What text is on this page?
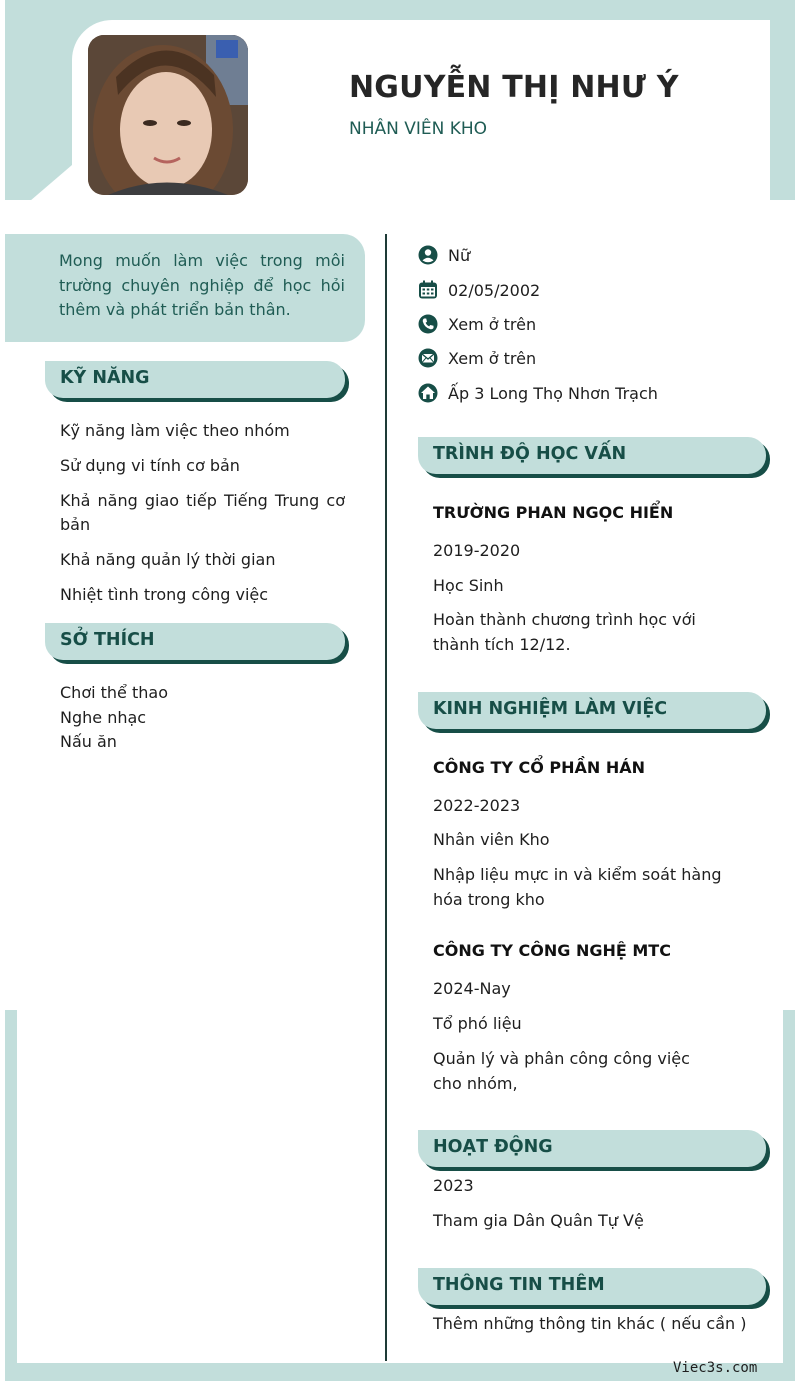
NGUYỄN THỊ NHƯ Ý
NHÂN VIÊN KHO
Mong muốn làm việc trong môi trường chuyên nghiệp để học hỏi thêm và phát triển bản thân.
KỸ NĂNG
Kỹ năng làm việc theo nhóm
Sử dụng vi tính cơ bản
Khả năng giao tiếp Tiếng Trung cơ bản
Khả năng quản lý thời gian
Nhiệt tình trong công việc
SỞ THÍCH
Chơi thể thao
Nghe nhạc
Nấu ăn
Nữ
02/05/2002
Xem ở trên
Xem ở trên
Ấp 3 Long Thọ Nhơn Trạch
TRÌNH ĐỘ HỌC VẤN
TRƯỜNG PHAN NGỌC HIỂN
2019-2020
Học Sinh
Hoàn thành chương trình học với thành tích 12/12.
KINH NGHIỆM LÀM VIỆC
CÔNG TY CỔ PHẦN HÁN
2022-2023
Nhân viên Kho
Nhập liệu mực in và kiểm soát hàng hóa trong kho
CÔNG TY CÔNG NGHỆ MTC
2024-Nay
Tổ phó liệu
Quản lý và phân công công việc cho nhóm,
HOẠT ĐỘNG
2023
Tham gia Dân Quân Tự Vệ
THÔNG TIN THÊM
Thêm những thông tin khác ( nếu cần )
Viec3s.com
